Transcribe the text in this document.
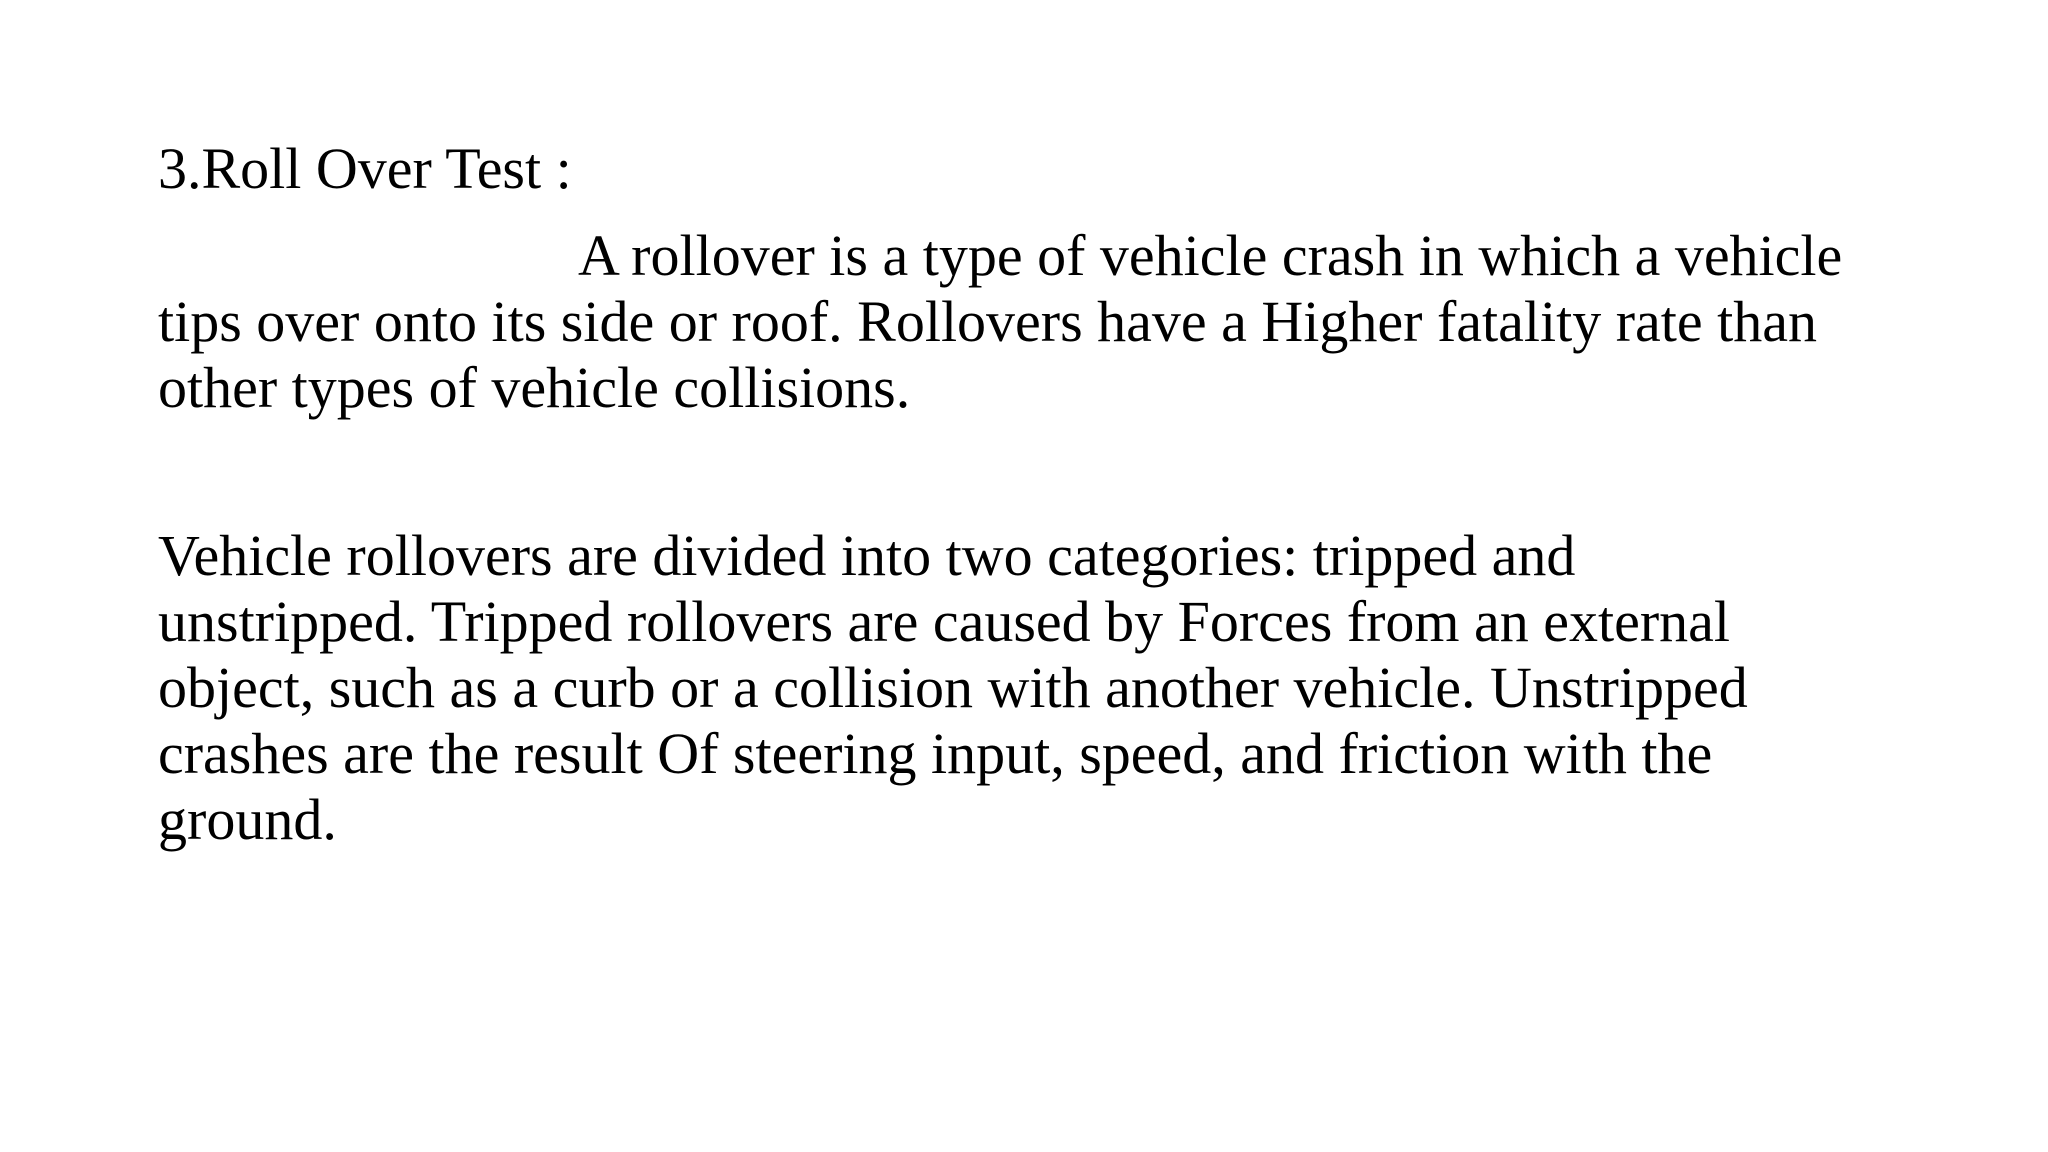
3.Roll Over Test :

A rollover is a type of vehicle crash in which a vehicle
tips over onto its side or roof. Rollovers have a Higher fatality rate than
other types of vehicle collisions.

Vehicle rollovers are divided into two categories: tripped and
unstripped. Tripped rollovers are caused by Forces from an external
object, such as a curb or a collision with another vehicle. Unstripped
crashes are the result Of steering input, speed, and friction with the
ground.
